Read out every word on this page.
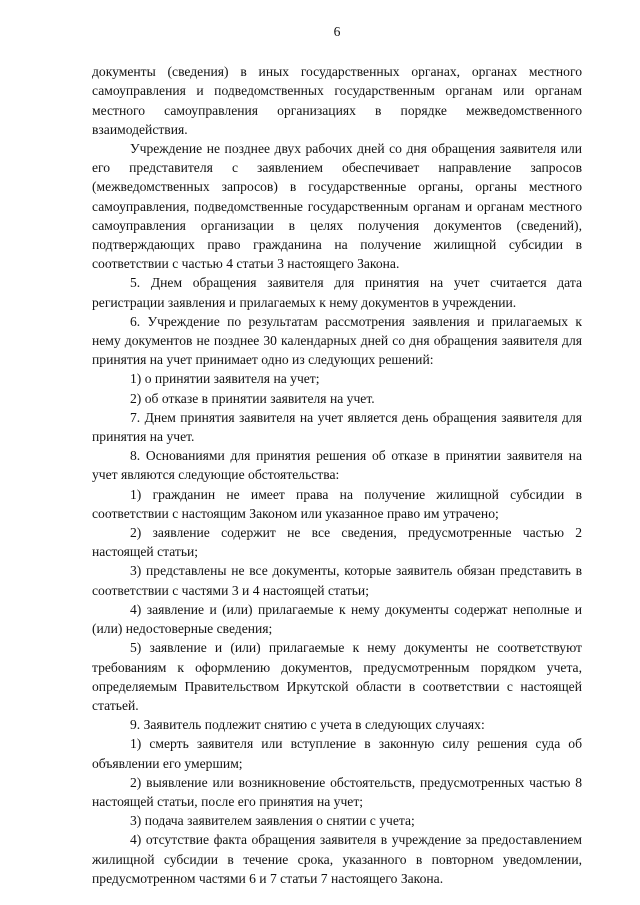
6

документы (сведения) в иных государственных органах, органах местного самоуправления и подведомственных государственным органам или органам местного самоуправления организациях в порядке межведомственного взаимодействия.

Учреждение не позднее двух рабочих дней со дня обращения заявителя или его представителя с заявлением обеспечивает направление запросов (межведомственных запросов) в государственные органы, органы местного самоуправления, подведомственные государственным органам и органам местного самоуправления организации в целях получения документов (сведений), подтверждающих право гражданина на получение жилищной субсидии в соответствии с частью 4 статьи 3 настоящего Закона.

5. Днем обращения заявителя для принятия на учет считается дата регистрации заявления и прилагаемых к нему документов в учреждении.

6. Учреждение по результатам рассмотрения заявления и прилагаемых к нему документов не позднее 30 календарных дней со дня обращения заявителя для принятия на учет принимает одно из следующих решений:

1) о принятии заявителя на учет;

2) об отказе в принятии заявителя на учет.

7. Днем принятия заявителя на учет является день обращения заявителя для принятия на учет.

8. Основаниями для принятия решения об отказе в принятии заявителя на учет являются следующие обстоятельства:

1) гражданин не имеет права на получение жилищной субсидии в соответствии с настоящим Законом или указанное право им утрачено;

2) заявление содержит не все сведения, предусмотренные частью 2 настоящей статьи;

3) представлены не все документы, которые заявитель обязан представить в соответствии с частями 3 и 4 настоящей статьи;

4) заявление и (или) прилагаемые к нему документы содержат неполные и (или) недостоверные сведения;

5) заявление и (или) прилагаемые к нему документы не соответствуют требованиям к оформлению документов, предусмотренным порядком учета, определяемым Правительством Иркутской области в соответствии с настоящей статьей.

9. Заявитель подлежит снятию с учета в следующих случаях:

1) смерть заявителя или вступление в законную силу решения суда об объявлении его умершим;

2) выявление или возникновение обстоятельств, предусмотренных частью 8 настоящей статьи, после его принятия на учет;

3) подача заявителем заявления о снятии с учета;

4) отсутствие факта обращения заявителя в учреждение за предоставлением жилищной субсидии в течение срока, указанного в повторном уведомлении, предусмотренном частями 6 и 7 статьи 7 настоящего Закона.
